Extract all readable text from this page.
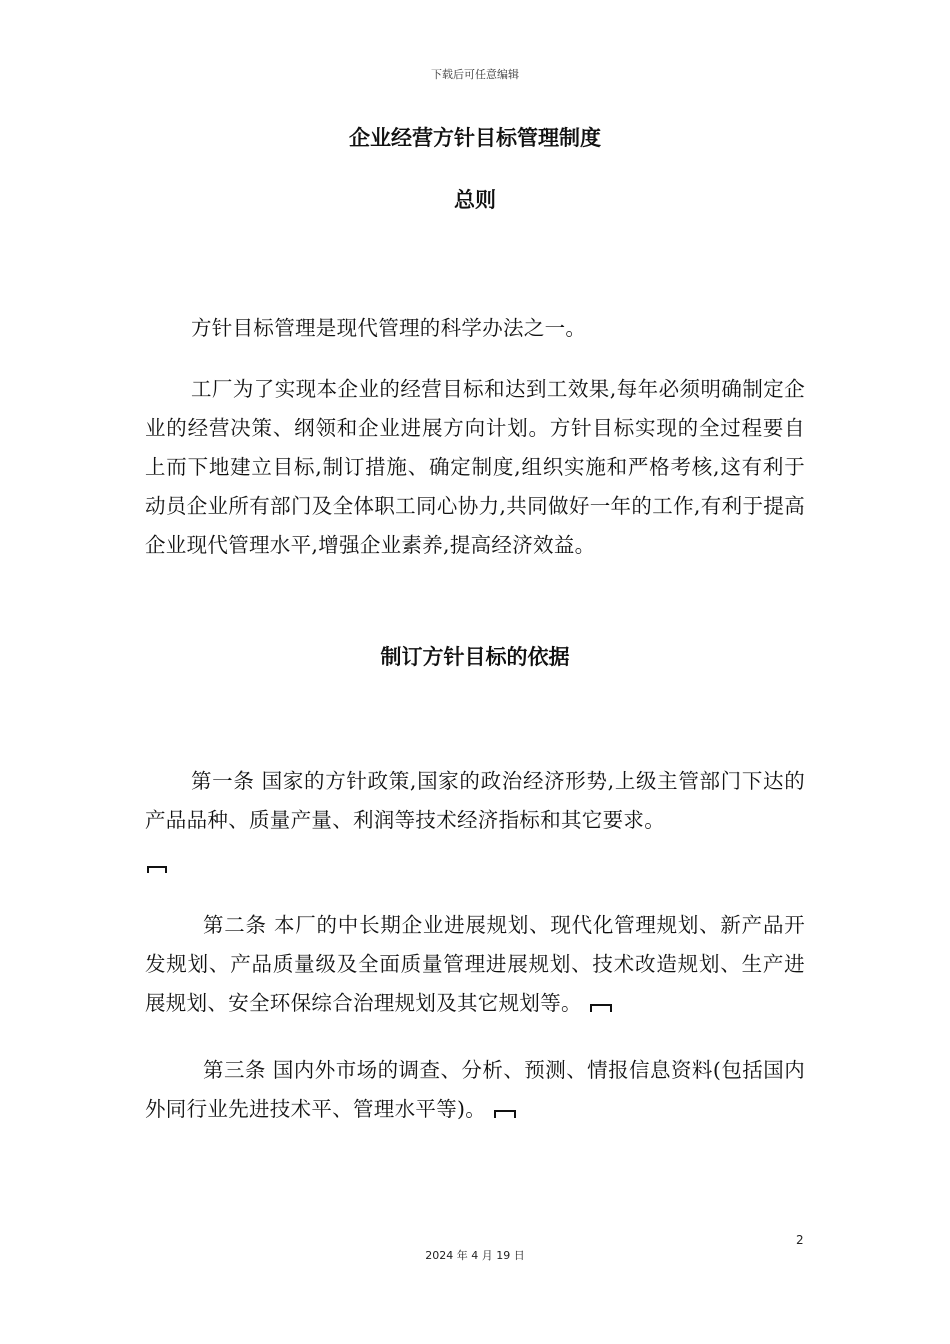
下载后可任意编辑
企业经营方针目标管理制度
总则
方针目标管理是现代管理的科学办法之一。
工厂为了实现本企业的经营目标和达到工效果,每年必须明确制定企业的经营决策、纲领和企业进展方向计划。方针目标实现的全过程要自上而下地建立目标,制订措施、确定制度,组织实施和严格考核,这有利于动员企业所有部门及全体职工同心协力,共同做好一年的工作,有利于提高企业现代管理水平,增强企业素养,提高经济效益。
制订方针目标的依据
第一条 国家的方针政策,国家的政治经济形势,上级主管部门下达的产品品种、质量产量、利润等技术经济指标和其它要求。
第二条 本厂的中长期企业进展规划、现代化管理规划、新产品开发规划、产品质量级及全面质量管理进展规划、技术改造规划、生产进展规划、安全环保综合治理规划及其它规划等。
第三条 国内外市场的调查、分析、预测、情报信息资料(包括国内外同行业先进技术平、管理水平等)。
2
2024 年 4 月 19 日
